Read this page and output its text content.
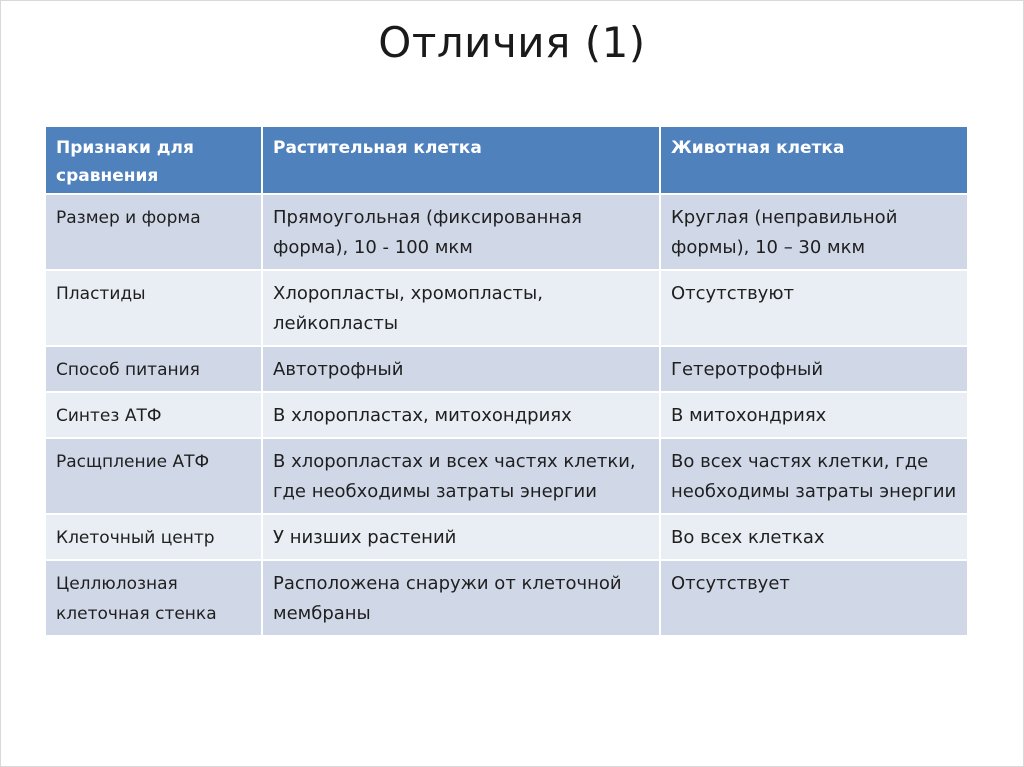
Отличия (1)
Признаки для сравнения	Растительная клетка	Животная клетка
Размер и форма	Прямоугольная (фиксированная форма), 10 - 100 мкм	Круглая (неправильной формы), 10 – 30 мкм
Пластиды	Хлоропласты, хромопласты, лейкопласты	Отсутствуют
Способ питания	Автотрофный	Гетеротрофный
Синтез АТФ	В хлоропластах, митохондриях	В митохондриях
Расщпление АТФ	В хлоропластах и всех частях клетки, где необходимы затраты энергии	Во всех частях клетки, где необходимы затраты энергии
Клеточный центр	У низших растений	Во всех клетках
Целлюлозная клеточная стенка	Расположена снаружи от клеточной мембраны	Отсутствует
